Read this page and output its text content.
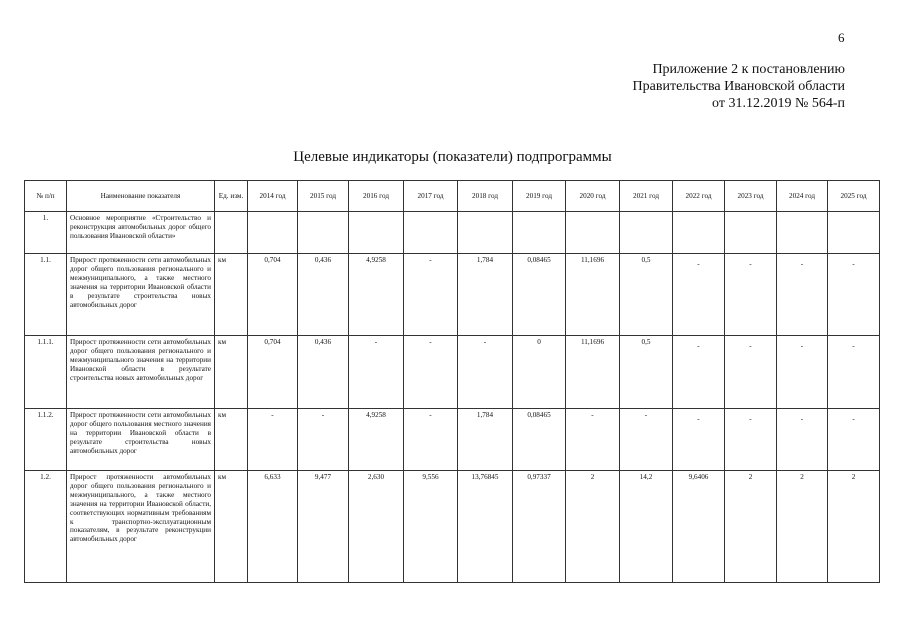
6
Приложение 2 к постановлению
Правительства Ивановской области
от 31.12.2019 № 564-п
Целевые индикаторы (показатели) подпрограммы
№ п/п	Наименование показателя	Ед. изм.	2014 год	2015 год	2016 год	2017 год	2018 год	2019 год	2020 год	2021 год	2022 год	2023 год	2024 год	2025 год
1.	Основное мероприятие «Строительство и реконструкция автомобильных дорог общего пользования Ивановской области»													
1.1.	Прирост протяженности сети автомобильных дорог общего пользования регионального и межмуниципального, а также местного значения на территории Ивановской области в результате строительства новых автомобильных дорог	км	0,704	0,436	4,9258	-	1,784	0,08465	11,1696	0,5	-	-	-	-
1.1.1.	Прирост протяженности сети автомобильных дорог общего пользования регионального и межмуниципального значения на территории Ивановской области в результате строительства новых автомобильных дорог	км	0,704	0,436	-	-	-	0	11,1696	0,5	-	-	-	-
1.1.2.	Прирост протяженности сети автомобильных дорог общего пользования местного значения на территории Ивановской области в результате строительства новых автомобильных дорог	км	-	-	4,9258	-	1,784	0,08465	-	-	-	-	-	-
1.2.	Прирост протяженности автомобильных дорог общего пользования регионального и межмуниципального, а также местного значения на территории Ивановской области, соответствующих нормативным требованиям к транспортно-эксплуатационным показателям, в результате реконструкции автомобильных дорог	км	6,633	9,477	2,630	9,556	13,76845	0,97337	2	14,2	9,6406	2	2	2
